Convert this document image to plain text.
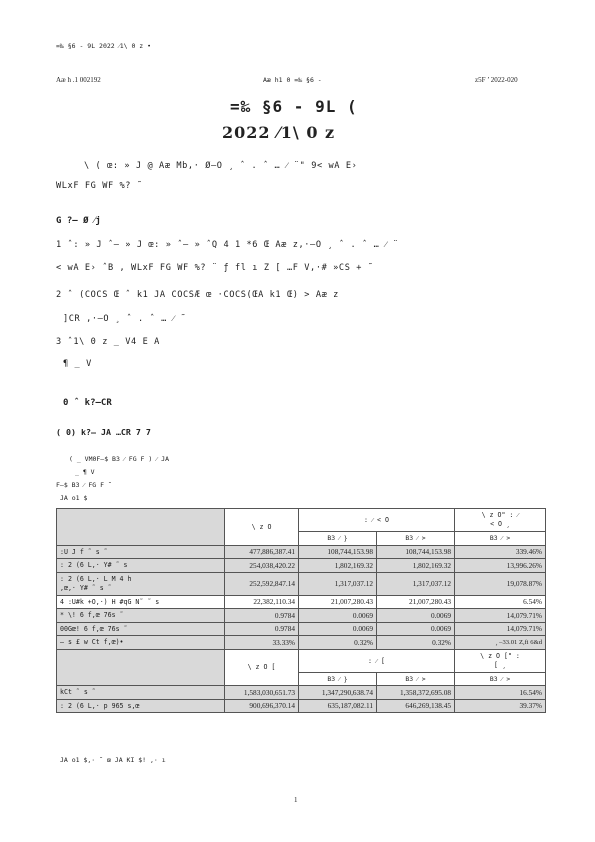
=‰ §6 - 9L 2022 ⁄1\ 0 z •
Aæ h .1 002192	Aæ h1 0 =‰ §6 -	z5F ’ 2022-020
=‰ §6 - 9L (
2022 ⁄1\ 0 z
\ ( œ: » J @ Aæ Mb,· Ø–O ¸ ˆ . ˆ … ⁄ ¨" 9< wA E›
WLxF FG WF %? ˜
G ?– Ø ⁄j
1 ˆ: » J ˆ– » J œ: » ˆ– » ˆQ 4 1 *6 Œ Aæ z,·–O ¸ ˆ . ˆ … ⁄ ¨
< wA E› ˆB , WLxF FG WF %? ¨ ƒ fl ı Z [ …F V,·# »CS + ˜
2 ˆ (COCS Œ ˆ k1 JA COCSÆ œ ·COCS(ŒA k1 Œ) > Aæ z
]CR ,·–O ¸ ˆ . ˆ … ⁄ ˜
3 ˆ1\ 0 z _ V4 E A
¶ _ V
0 ˆ k?–CR
( 0) k?– JA …CR 7 7
( _ VM0F–$ B3 ⁄ FG F ) ⁄ JA
_ ¶ V
F–$ B3 ⁄ FG F ˜
JA o1 $
	\ z O	: ⁄ < O		\ z O" : ⁄
< O ¸

		B3 ⁄ }	B3 ⁄ >	B3 ⁄ >
:U J f ˜ s ˜	477,886,387.41	108,744,153.98	108,744,153.98	339.46%
: 2 (6 L,· Y# ˜ s	254,038,420.22	1,802,169.32	1,802,169.32	13,996.26%

: 2 (6 L,· L M 4 h
,œ,· Y# ˜ s ˜	252,592,847.14	1,317,037.12	1,317,037.12	19,078.87%
4 :U#k +O,·) H #qG N˜ ˜ s	22,382,110.34	21,007,280.43	21,007,280.43	6.54%
* \! 6 f,œ 76s ˜	0.9784	0.0069	0.0069	14,079.71%
00Gœ! 6 f,œ 76s ˜	0.9784	0.0069	0.0069	14,079.71%
– s £ w Ct f,œ)•	33.33%	0.32%	0.32%	¸ –33.01 Z,fi 6&d
	\ z O [	: ⁄ [		\ z O [" :
[ ¸

		B3 ⁄ }	B3 ⁄ >	B3 ⁄ >
kCt ˜ s ˜	1,583,030,651.73	1,347,290,638.74	1,358,372,695.08	16.54%
: 2 (6 L,· p 965 s,œ	900,696,370.14	635,187,082.11	646,269,138.45	39.37%
JA o1 $,· ˜ œ JA KI $! ,· ı
1
